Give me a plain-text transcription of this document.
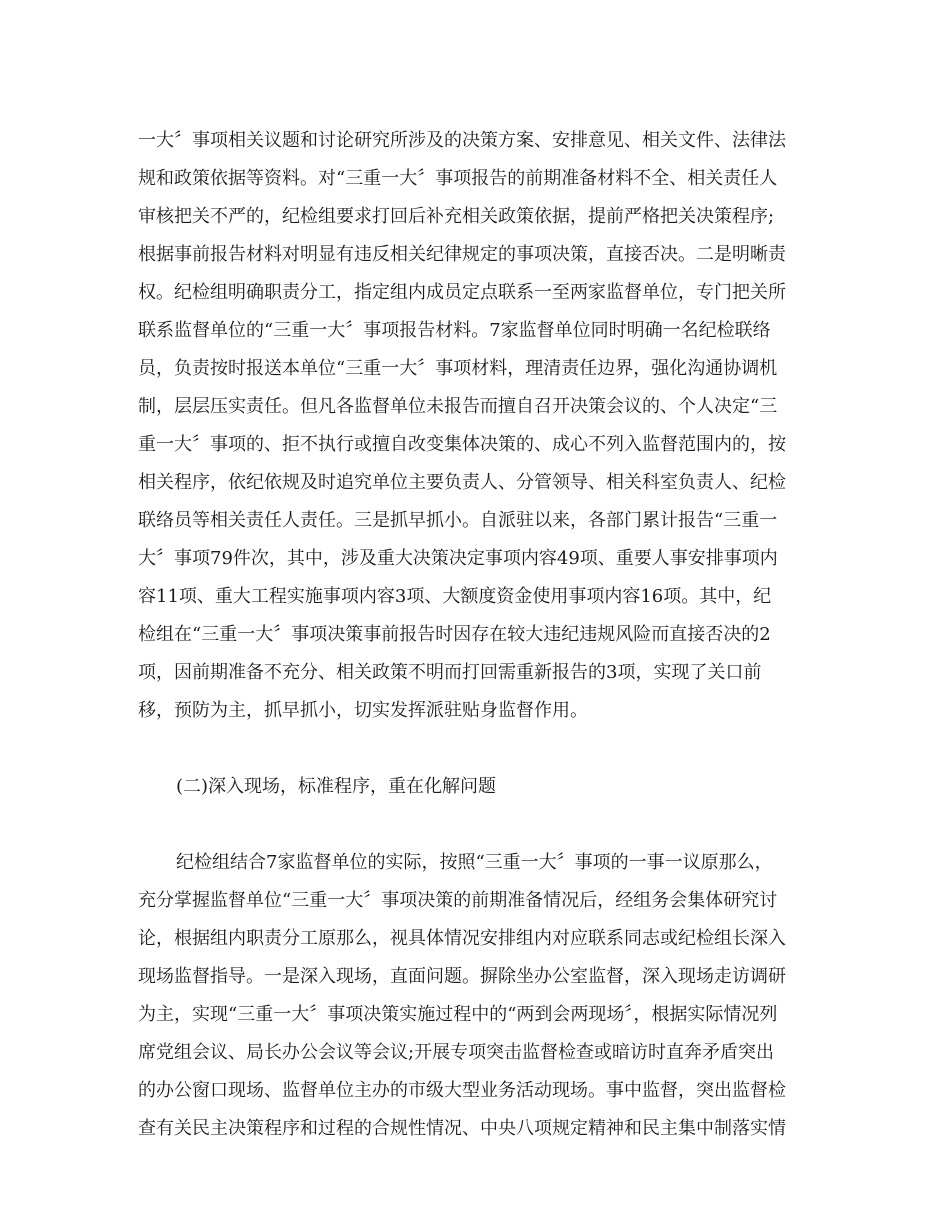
一大〞事项相关议题和讨论研究所涉及的决策方案、安排意见、相关文件、法律法
规和政策依据等资料。对“三重一大〞事项报告的前期准备材料不全、相关责任人
审核把关不严的，纪检组要求打回后补充相关政策依据，提前严格把关决策程序;
根据事前报告材料对明显有违反相关纪律规定的事项决策，直接否决。二是明晰责
权。纪检组明确职责分工，指定组内成员定点联系一至两家监督单位，专门把关所
联系监督单位的“三重一大〞事项报告材料。7家监督单位同时明确一名纪检联络
员，负责按时报送本单位“三重一大〞事项材料，理清责任边界，强化沟通协调机
制，层层压实责任。但凡各监督单位未报告而擅自召开决策会议的、个人决定“三
重一大〞事项的、拒不执行或擅自改变集体决策的、成心不列入监督范围内的，按
相关程序，依纪依规及时追究单位主要负责人、分管领导、相关科室负责人、纪检
联络员等相关责任人责任。三是抓早抓小。自派驻以来，各部门累计报告“三重一
大〞事项79件次，其中，涉及重大决策决定事项内容49项、重要人事安排事项内
容11项、重大工程实施事项内容3项、大额度资金使用事项内容16项。其中，纪
检组在“三重一大〞事项决策事前报告时因存在较大违纪违规风险而直接否决的2
项，因前期准备不充分、相关政策不明而打回需重新报告的3项，实现了关口前
移，预防为主，抓早抓小，切实发挥派驻贴身监督作用。
(二)深入现场，标准程序，重在化解问题
纪检组结合7家监督单位的实际，按照“三重一大〞事项的一事一议原那么，
充分掌握监督单位“三重一大〞事项决策的前期准备情况后，经组务会集体研究讨
论，根据组内职责分工原那么，视具体情况安排组内对应联系同志或纪检组长深入
现场监督指导。一是深入现场，直面问题。摒除坐办公室监督，深入现场走访调研
为主，实现“三重一大〞事项决策实施过程中的“两到会两现场〞，根据实际情况列
席党组会议、局长办公会议等会议;开展专项突击监督检查或暗访时直奔矛盾突出
的办公窗口现场、监督单位主办的市级大型业务活动现场。事中监督，突出监督检
查有关民主决策程序和过程的合规性情况、中央八项规定精神和民主集中制落实情
